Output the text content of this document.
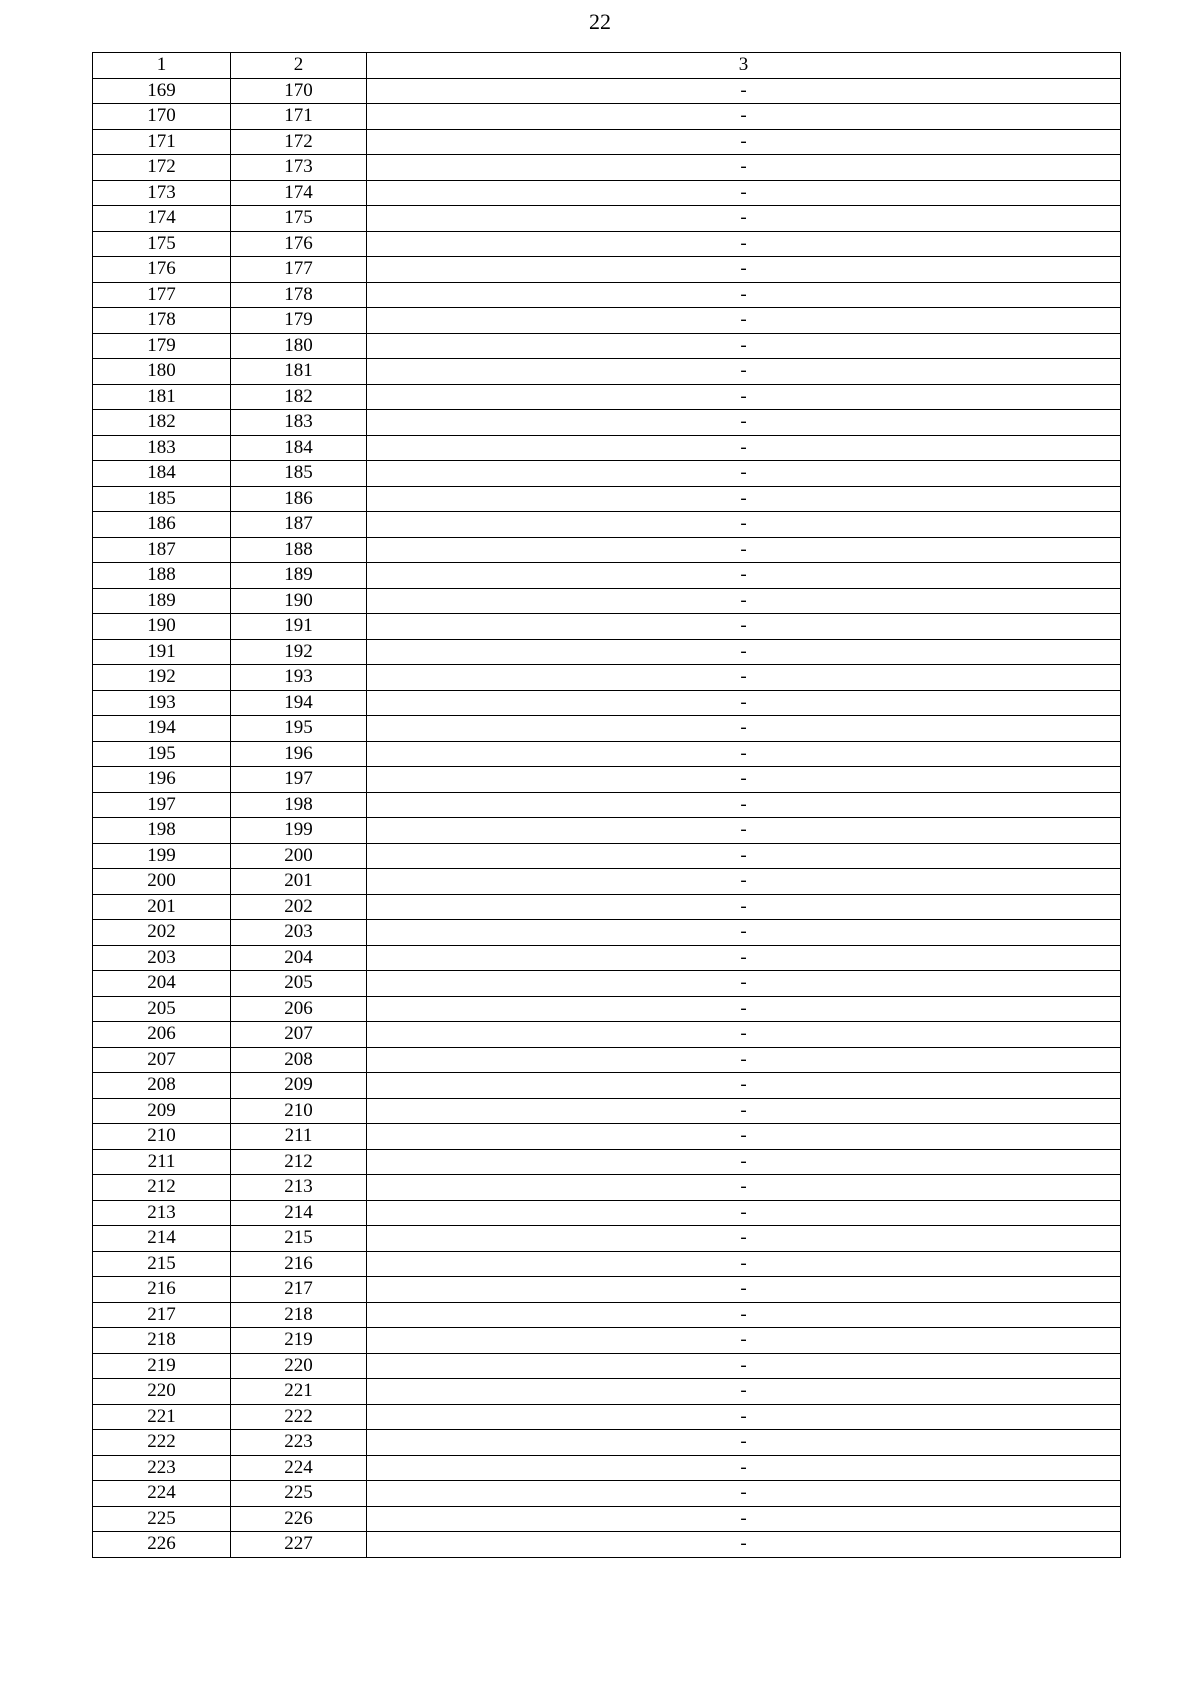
22
1	2	3
169	170	-
170	171	-
171	172	-
172	173	-
173	174	-
174	175	-
175	176	-
176	177	-
177	178	-
178	179	-
179	180	-
180	181	-
181	182	-
182	183	-
183	184	-
184	185	-
185	186	-
186	187	-
187	188	-
188	189	-
189	190	-
190	191	-
191	192	-
192	193	-
193	194	-
194	195	-
195	196	-
196	197	-
197	198	-
198	199	-
199	200	-
200	201	-
201	202	-
202	203	-
203	204	-
204	205	-
205	206	-
206	207	-
207	208	-
208	209	-
209	210	-
210	211	-
211	212	-
212	213	-
213	214	-
214	215	-
215	216	-
216	217	-
217	218	-
218	219	-
219	220	-
220	221	-
221	222	-
222	223	-
223	224	-
224	225	-
225	226	-
226	227	-
